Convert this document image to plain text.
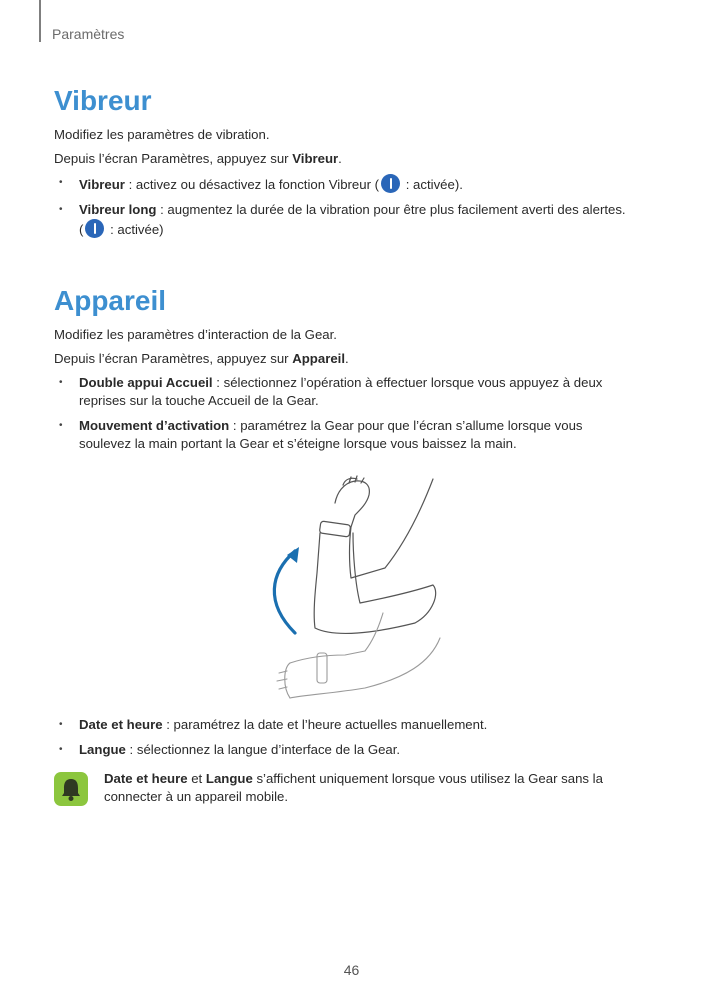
Paramètres
Vibreur

Modifiez les paramètres de vibration.

Depuis l’écran Paramètres, appuyez sur Vibreur.

• Vibreur : activez ou désactivez la fonction Vibreur ( : activée).
• Vibreur long : augmentez la durée de la vibration pour être plus facilement averti des alertes.
( : activée)
Appareil

Modifiez les paramètres d’interaction de la Gear.

Depuis l’écran Paramètres, appuyez sur Appareil.

• Double appui Accueil : sélectionnez l’opération à effectuer lorsque vous appuyez à deux reprises sur la touche Accueil de la Gear.
• Mouvement d’activation : paramétrez la Gear pour que l’écran s’allume lorsque vous soulevez la main portant la Gear et s’éteigne lorsque vous baissez la main.
• Date et heure : paramétrez la date et l’heure actuelles manuellement.
• Langue : sélectionnez la langue d’interface de la Gear.
Date et heure et Langue s’affichent uniquement lorsque vous utilisez la Gear sans la connecter à un appareil mobile.
46
